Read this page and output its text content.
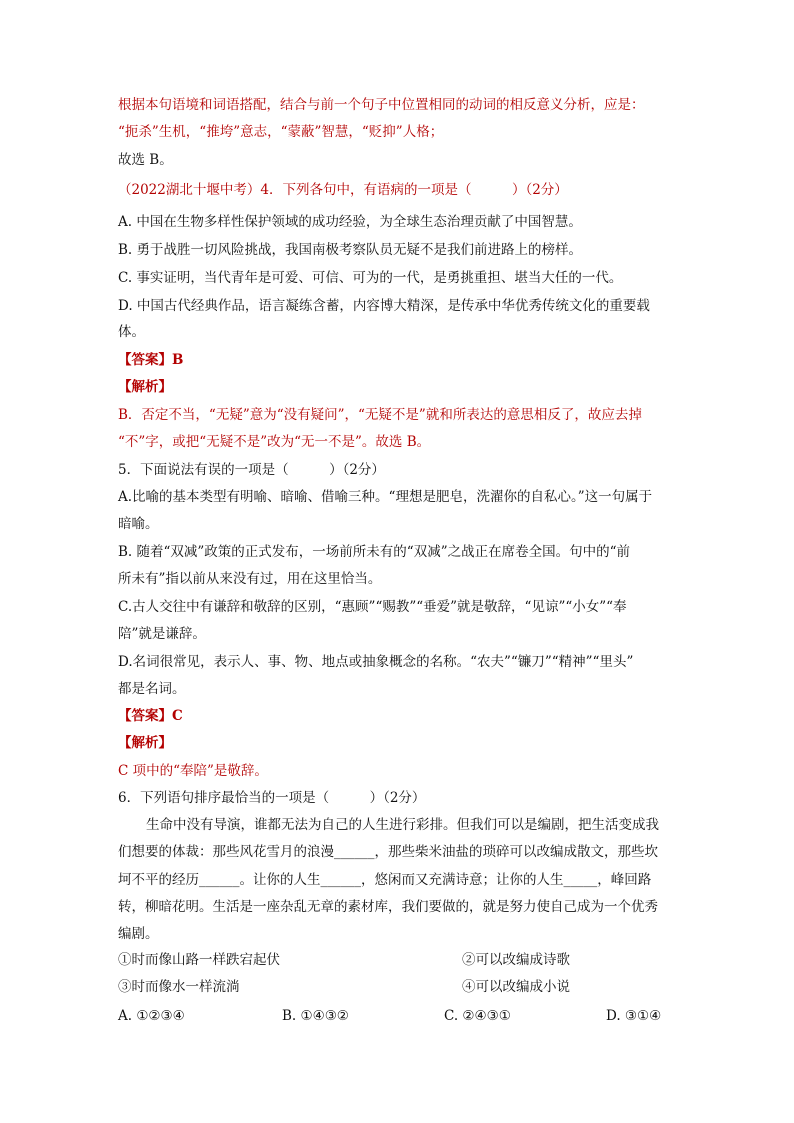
根据本句语境和词语搭配，结合与前一个句子中位置相同的动词的相反意义分析，应是：
“扼杀”生机，“推垮”意志，“蒙蔽”智慧，“贬抑”人格；
故选 B。
（2022湖北十堰中考）4．下列各句中，有语病的一项是（　　　）（2分）
A. 中国在生物多样性保护领域的成功经验，为全球生态治理贡献了中国智慧。
B. 勇于战胜一切风险挑战，我国南极考察队员无疑不是我们前进路上的榜样。
C. 事实证明，当代青年是可爱、可信、可为的一代，是勇挑重担、堪当大任的一代。
D. 中国古代经典作品，语言凝练含蓄，内容博大精深，是传承中华优秀传统文化的重要载
体。
【答案】B
【解析】
B．否定不当，“无疑”意为“没有疑问”，“无疑不是”就和所表达的意思相反了，故应去掉
“不”字，或把“无疑不是”改为“无一不是”。故选 B。
5．下面说法有误的一项是（　　　）（2分）
A.比喻的基本类型有明喻、暗喻、借喻三种。“理想是肥皂，洗濯你的自私心。”这一句属于
暗喻。
B. 随着“双减”政策的正式发布，一场前所未有的“双减”之战正在席卷全国。句中的“前
所未有”指以前从来没有过，用在这里恰当。
C.古人交往中有谦辞和敬辞的区别，“惠顾”“赐教”“垂爱”就是敬辞，“见谅”“小女”“奉
陪”就是谦辞。
D.名词很常见，表示人、事、物、地点或抽象概念的名称。“农夫”“镰刀”“精神”“里头”
都是名词。
【答案】C
【解析】
C 项中的“奉陪”是敬辞。
6．下列语句排序最恰当的一项是（　　　）（2分）
生命中没有导演，谁都无法为自己的人生进行彩排。但我们可以是编剧，把生活变成我
们想要的体裁：那些风花雪月的浪漫______，那些柴米油盐的琐碎可以改编成散文，那些坎
坷不平的经历______。让你的人生______，悠闲而又充满诗意；让你的人生_____，峰回路
转，柳暗花明。生活是一座杂乱无章的素材库，我们要做的，就是努力使自己成为一个优秀
编剧。
①时而像山路一样跌宕起伏	②可以改编成诗歌
③时而像水一样流淌	④可以改编成小说
A. ①②③④	B. ①④③②	C. ②④③①	D. ③①④
